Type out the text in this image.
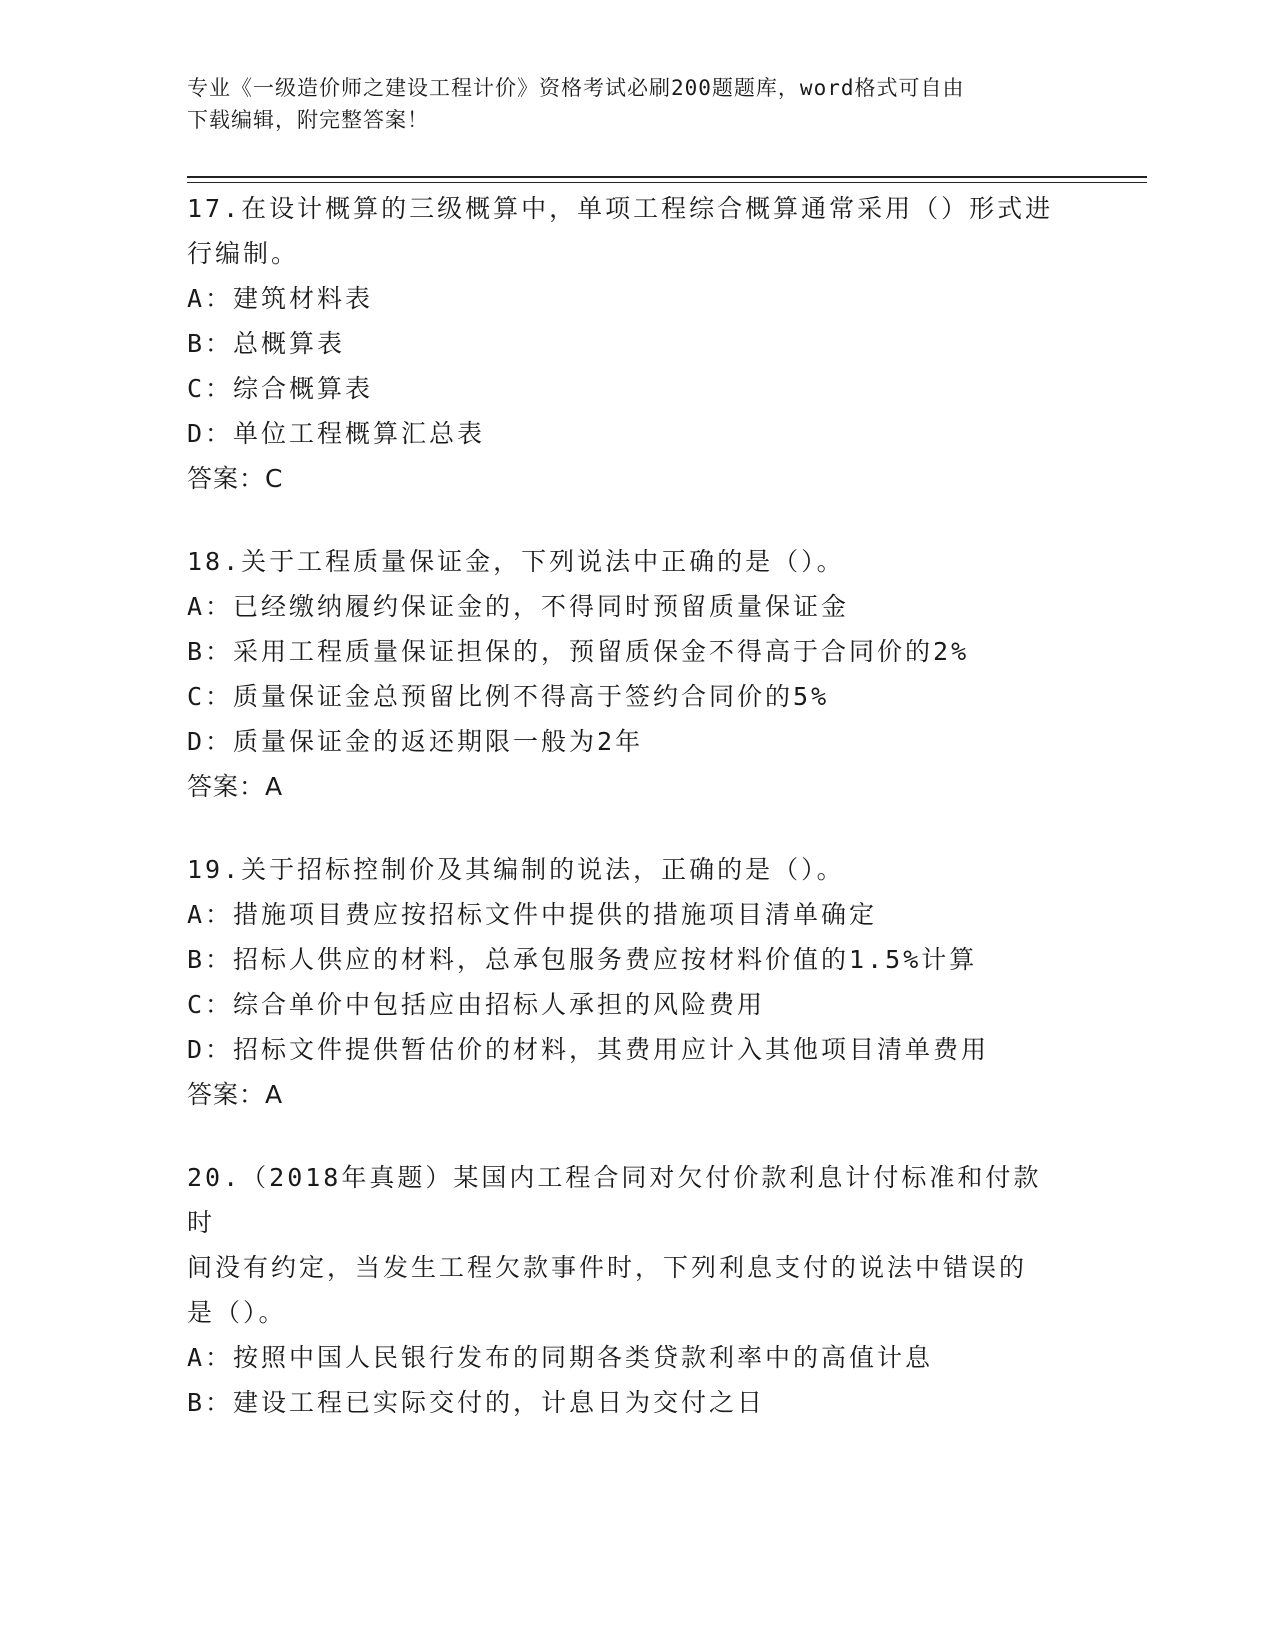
专业《一级造价师之建设工程计价》资格考试必刷200题题库，word格式可自由
下载编辑，附完整答案！
17.在设计概算的三级概算中，单项工程综合概算通常采用（）形式进
行编制。
A：建筑材料表
B：总概算表
C：综合概算表
D：单位工程概算汇总表
答案：C
18.关于工程质量保证金，下列说法中正确的是（）。
A：已经缴纳履约保证金的，不得同时预留质量保证金
B：采用工程质量保证担保的，预留质保金不得高于合同价的2%
C：质量保证金总预留比例不得高于签约合同价的5%
D：质量保证金的返还期限一般为2年
答案：A
19.关于招标控制价及其编制的说法，正确的是（）。
A：措施项目费应按招标文件中提供的措施项目清单确定
B：招标人供应的材料，总承包服务费应按材料价值的1.5%计算
C：综合单价中包括应由招标人承担的风险费用
D：招标文件提供暂估价的材料，其费用应计入其他项目清单费用
答案：A
20.（2018年真题）某国内工程合同对欠付价款利息计付标准和付款时
间没有约定，当发生工程欠款事件时，下列利息支付的说法中错误的
是（）。
A：按照中国人民银行发布的同期各类贷款利率中的高值计息
B：建设工程已实际交付的，计息日为交付之日
